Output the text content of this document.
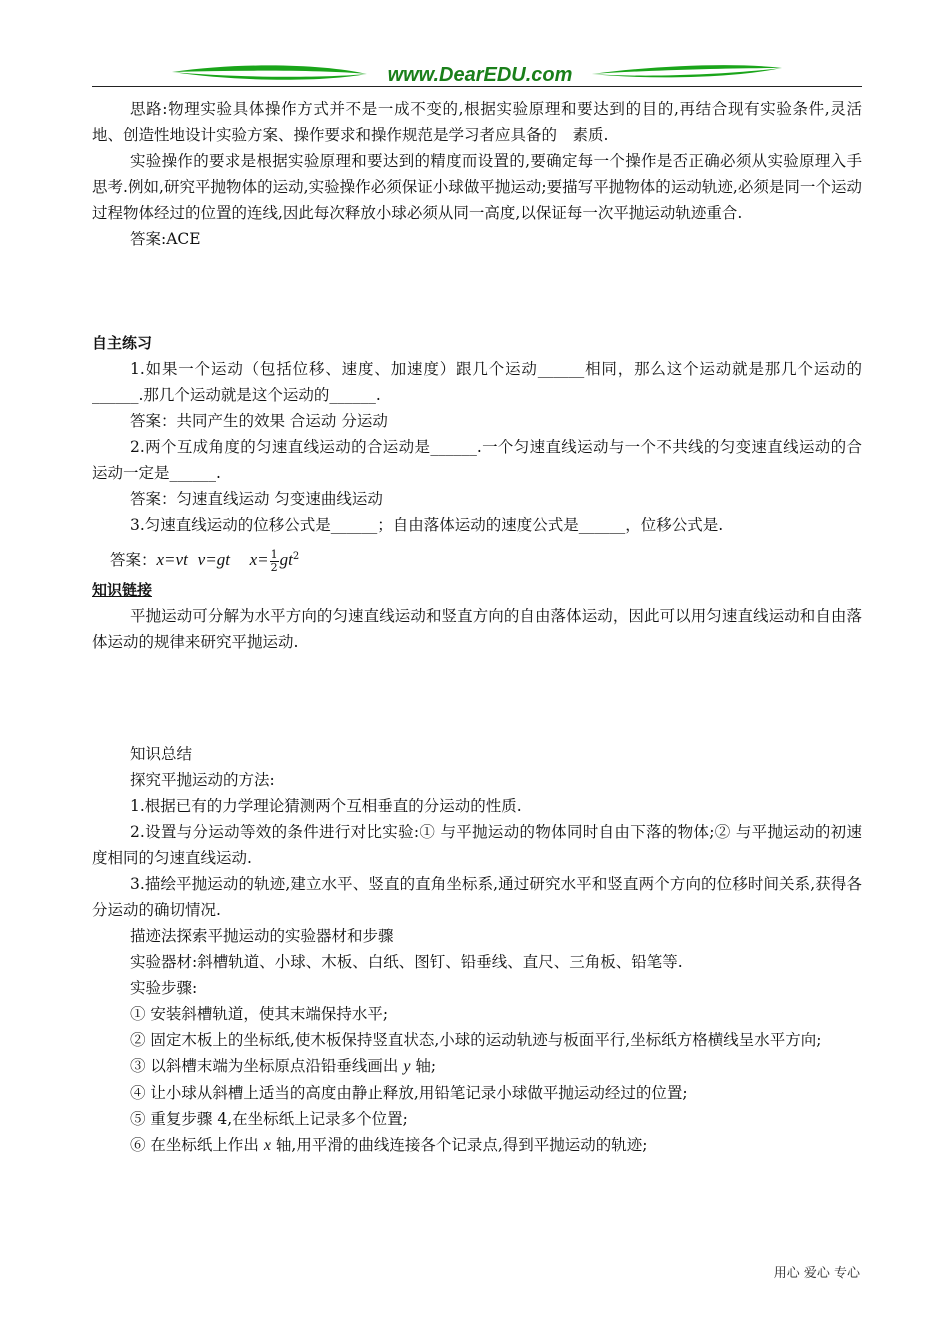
www.DearEDU.com

思路:物理实验具体操作方式并不是一成不变的,根据实验原理和要达到的目的,再结合现有实验条件,灵活地、创造性地设计实验方案、操作要求和操作规范是学习者应具备的　素质.

实验操作的要求是根据实验原理和要达到的精度而设置的,要确定每一个操作是否正确必须从实验原理入手思考.例如,研究平抛物体的运动,实验操作必须保证小球做平抛运动;要描写平抛物体的运动轨迹,必须是同一个运动过程物体经过的位置的连线,因此每次释放小球必须从同一高度,以保证每一次平抛运动轨迹重合.

答案:ACE

自主练习

1.如果一个运动（包括位移、速度、加速度）跟几个运动______相同，那么这个运动就是那几个运动的______.那几个运动就是这个运动的______.

答案：共同产生的效果 合运动 分运动

2.两个互成角度的匀速直线运动的合运动是______.一个匀速直线运动与一个不共线的匀变速直线运动的合运动一定是______.

答案：匀速直线运动 匀变速曲线运动

3.匀速直线运动的位移公式是______；自由落体运动的速度公式是______，位移公式是.

答案：x=vt v=gt $x= \frac{1}{2} gt^2$

知识链接

平抛运动可分解为水平方向的匀速直线运动和竖直方向的自由落体运动，因此可以用匀速直线运动和自由落体运动的规律来研究平抛运动.

知识总结

探究平抛运动的方法:

1.根据已有的力学理论猜测两个互相垂直的分运动的性质.

2.设置与分运动等效的条件进行对比实验:① 与平抛运动的物体同时自由下落的物体;② 与平抛运动的初速度相同的匀速直线运动.

3.描绘平抛运动的轨迹,建立水平、竖直的直角坐标系,通过研究水平和竖直两个方向的位移时间关系,获得各分运动的确切情况.

描迹法探索平抛运动的实验器材和步骤

实验器材:斜槽轨道、小球、木板、白纸、图钉、铅垂线、直尺、三角板、铅笔等.

实验步骤:

① 安装斜槽轨道，使其末端保持水平;

② 固定木板上的坐标纸,使木板保持竖直状态,小球的运动轨迹与板面平行,坐标纸方格横线呈水平方向;

③ 以斜槽末端为坐标原点沿铅垂线画出 y 轴;

④ 让小球从斜槽上适当的高度由静止释放,用铅笔记录小球做平抛运动经过的位置;

⑤ 重复步骤 4,在坐标纸上记录多个位置;

⑥ 在坐标纸上作出 x 轴,用平滑的曲线连接各个记录点,得到平抛运动的轨迹;

用心 爱心 专心
